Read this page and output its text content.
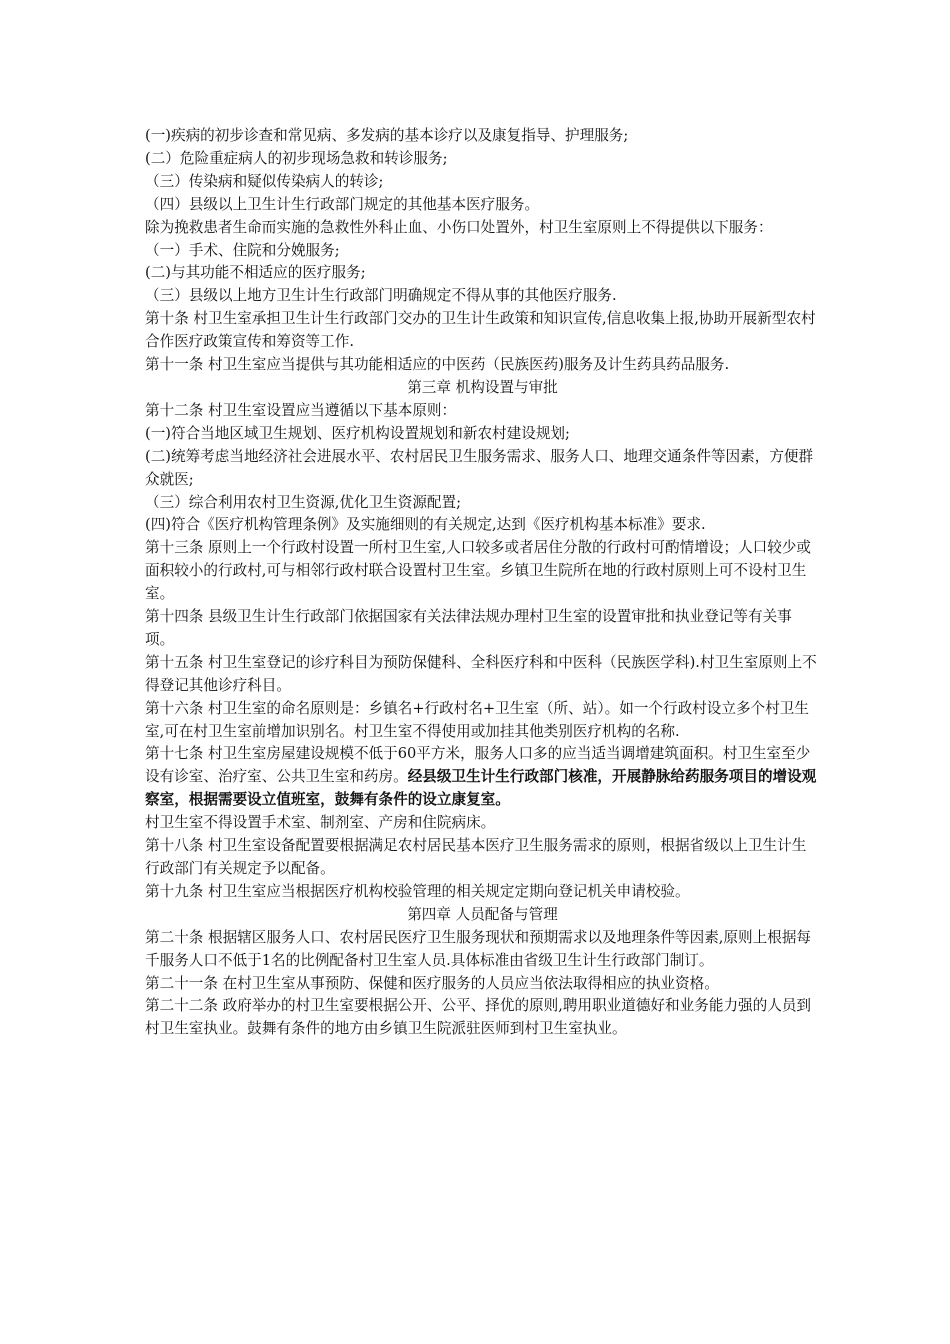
(一)疾病的初步诊查和常见病、多发病的基本诊疗以及康复指导、护理服务;

(二）危险重症病人的初步现场急救和转诊服务;

（三）传染病和疑似传染病人的转诊;

（四）县级以上卫生计生行政部门规定的其他基本医疗服务。

除为挽救患者生命而实施的急救性外科止血、小伤口处置外，村卫生室原则上不得提供以下服务：

（一）手术、住院和分娩服务;

(二)与其功能不相适应的医疗服务;

（三）县级以上地方卫生计生行政部门明确规定不得从事的其他医疗服务.

第十条 村卫生室承担卫生计生行政部门交办的卫生计生政策和知识宣传,信息收集上报,协助开展新型农村合作医疗政策宣传和筹资等工作.

第十一条 村卫生室应当提供与其功能相适应的中医药（民族医药)服务及计生药具药品服务.

第三章 机构设置与审批

第十二条 村卫生室设置应当遵循以下基本原则：

(一)符合当地区域卫生规划、医疗机构设置规划和新农村建设规划;

(二)统筹考虑当地经济社会进展水平、农村居民卫生服务需求、服务人口、地理交通条件等因素，方便群众就医;

（三）综合利用农村卫生资源,优化卫生资源配置;

(四)符合《医疗机构管理条例》及实施细则的有关规定,达到《医疗机构基本标准》要求.

第十三条 原则上一个行政村设置一所村卫生室,人口较多或者居住分散的行政村可酌情增设；人口较少或面积较小的行政村,可与相邻行政村联合设置村卫生室。乡镇卫生院所在地的行政村原则上可不设村卫生室。

第十四条 县级卫生计生行政部门依据国家有关法律法规办理村卫生室的设置审批和执业登记等有关事项。

第十五条 村卫生室登记的诊疗科目为预防保健科、全科医疗科和中医科（民族医学科).村卫生室原则上不得登记其他诊疗科目。

第十六条 村卫生室的命名原则是：乡镇名+行政村名+卫生室（所、站）。如一个行政村设立多个村卫生室,可在村卫生室前增加识别名。村卫生室不得使用或加挂其他类别医疗机构的名称.

第十七条 村卫生室房屋建设规模不低于60平方米，服务人口多的应当适当调增建筑面积。村卫生室至少设有诊室、治疗室、公共卫生室和药房。经县级卫生计生行政部门核准，开展静脉给药服务项目的增设观察室，根据需要设立值班室，鼓舞有条件的设立康复室。

村卫生室不得设置手术室、制剂室、产房和住院病床。

第十八条 村卫生室设备配置要根据满足农村居民基本医疗卫生服务需求的原则，根据省级以上卫生计生行政部门有关规定予以配备。

第十九条 村卫生室应当根据医疗机构校验管理的相关规定定期向登记机关申请校验。

第四章 人员配备与管理

第二十条 根据辖区服务人口、农村居民医疗卫生服务现状和预期需求以及地理条件等因素,原则上根据每千服务人口不低于1名的比例配备村卫生室人员.具体标准由省级卫生计生行政部门制订。

第二十一条 在村卫生室从事预防、保健和医疗服务的人员应当依法取得相应的执业资格。

第二十二条 政府举办的村卫生室要根据公开、公平、择优的原则,聘用职业道德好和业务能力强的人员到村卫生室执业。鼓舞有条件的地方由乡镇卫生院派驻医师到村卫生室执业。
